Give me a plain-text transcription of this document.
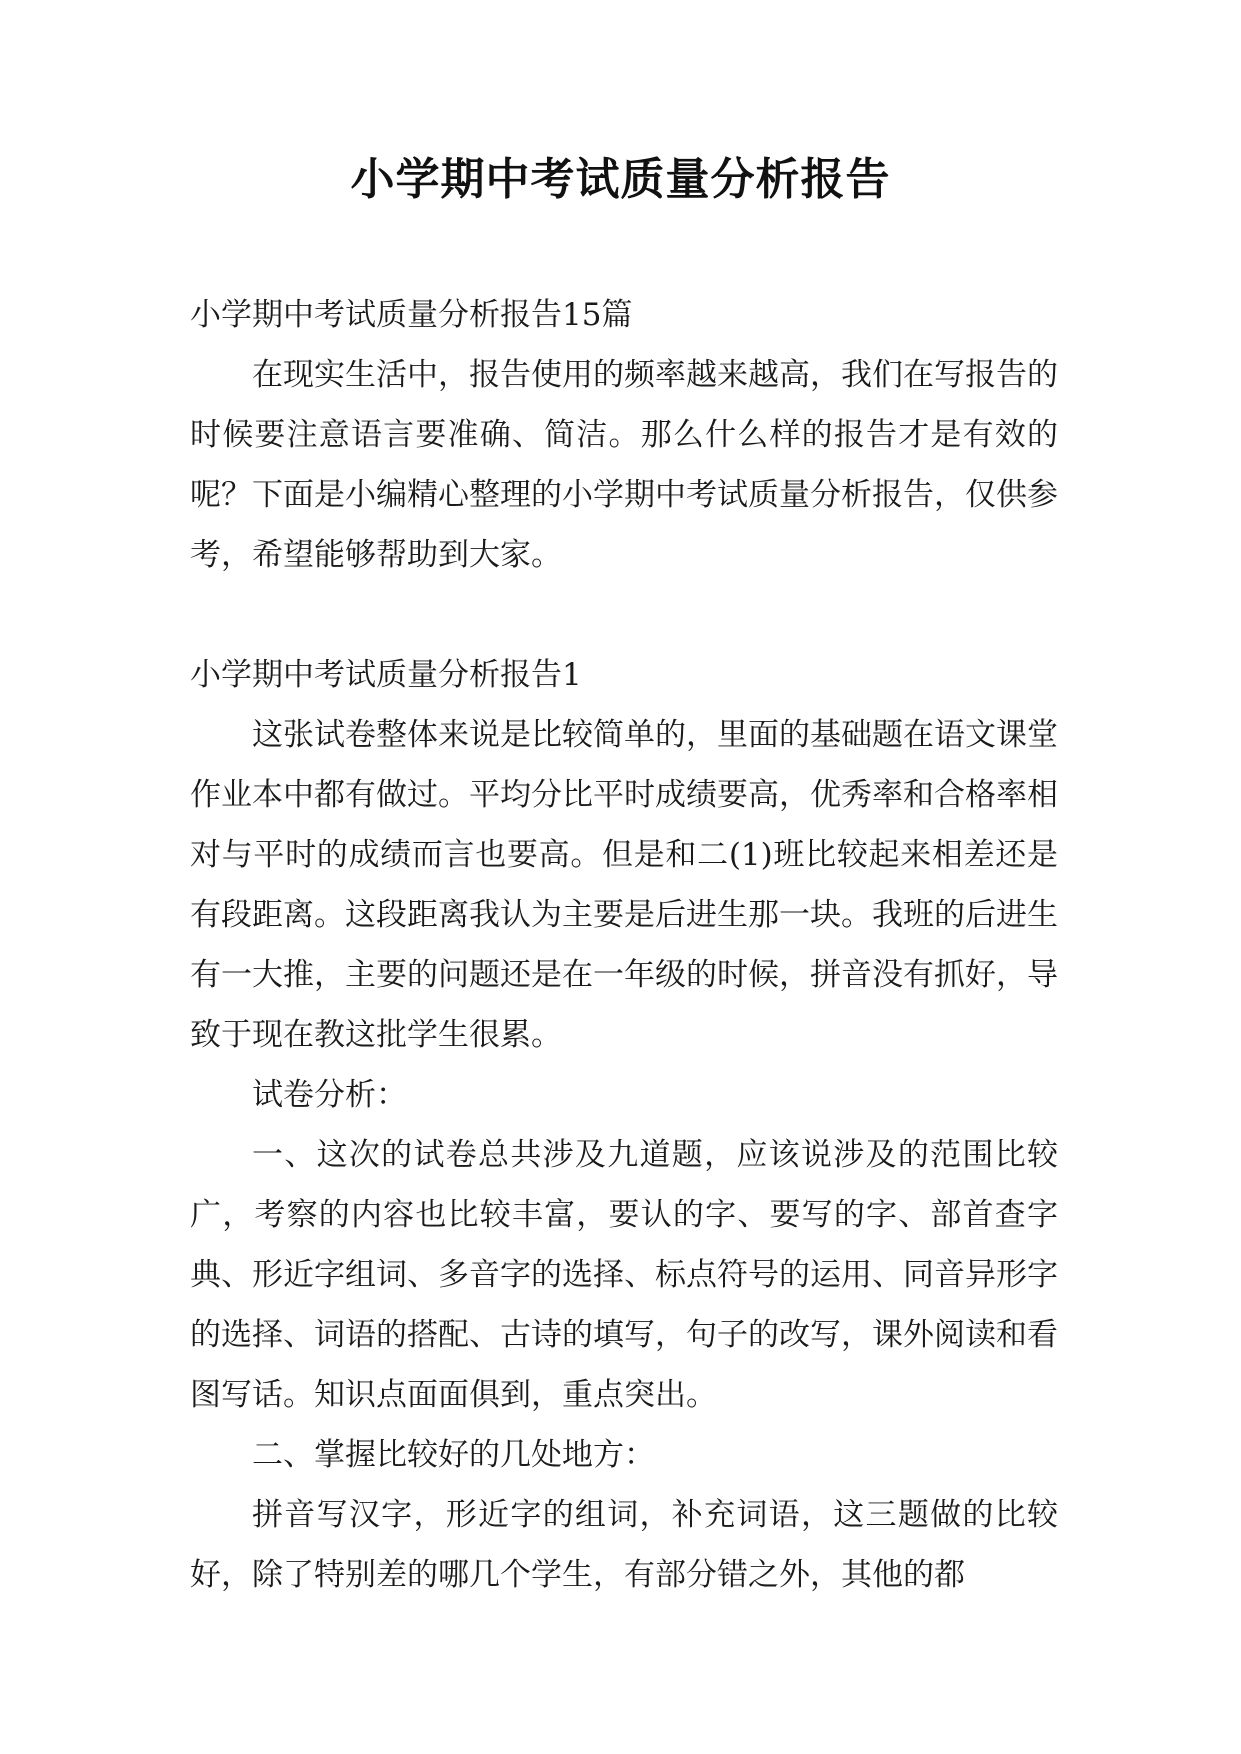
小学期中考试质量分析报告

小学期中考试质量分析报告15篇

在现实生活中，报告使用的频率越来越高，我们在写报告的时候要注意语言要准确、简洁。那么什么样的报告才是有效的呢？下面是小编精心整理的小学期中考试质量分析报告，仅供参考，希望能够帮助到大家。

小学期中考试质量分析报告1

这张试卷整体来说是比较简单的，里面的基础题在语文课堂作业本中都有做过。平均分比平时成绩要高，优秀率和合格率相对与平时的成绩而言也要高。但是和二(1)班比较起来相差还是有段距离。这段距离我认为主要是后进生那一块。我班的后进生有一大推，主要的问题还是在一年级的时候，拼音没有抓好，导致于现在教这批学生很累。

试卷分析：

一、这次的试卷总共涉及九道题，应该说涉及的范围比较广，考察的内容也比较丰富，要认的字、要写的字、部首查字典、形近字组词、多音字的选择、标点符号的运用、同音异形字的选择、词语的搭配、古诗的填写，句子的改写，课外阅读和看图写话。知识点面面俱到，重点突出。

二、掌握比较好的几处地方：

拼音写汉字，形近字的组词，补充词语，这三题做的比较好，除了特别差的哪几个学生，有部分错之外，其他的都
